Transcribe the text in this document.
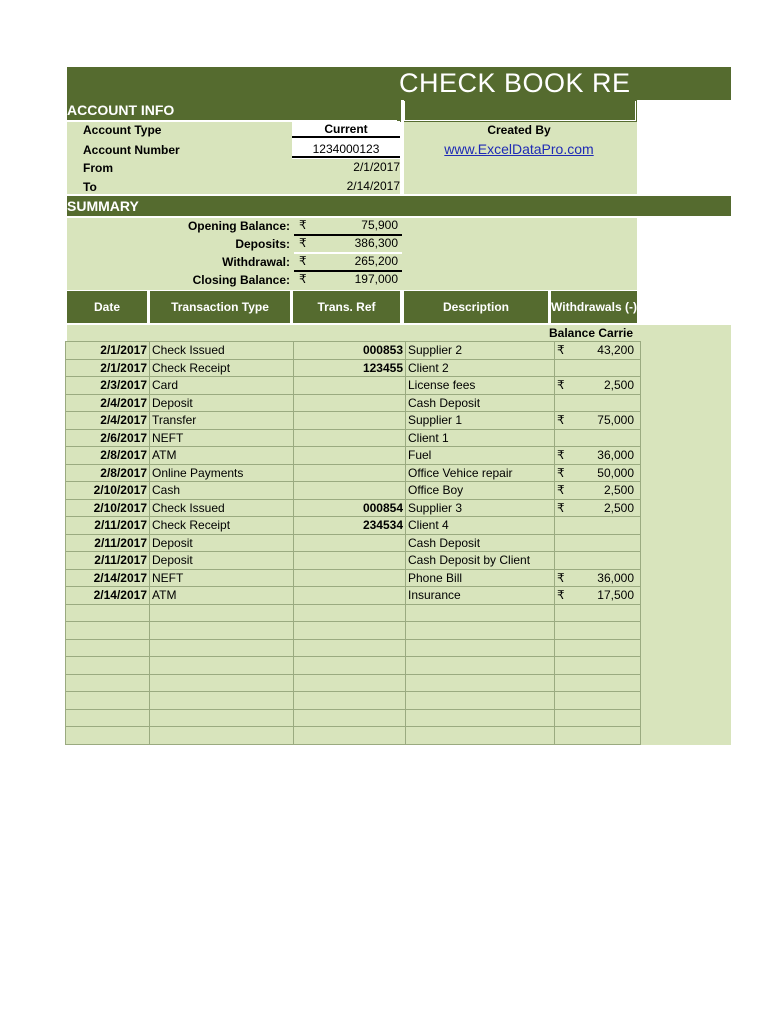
CHECK BOOK RE
ACCOUNT INFO
Account Type	Current
Account Number	1234000123
From	2/1/2017
To	2/14/2017
Created By
www.ExcelDataPro.com
SUMMARY
Opening Balance: ₹	75,900
Deposits: ₹	386,300
Withdrawal: ₹	265,200
Closing Balance: ₹	197,000
Date	Transaction Type	Trans. Ref	Description	Withdrawals (-)
Balance Carrie
2/1/2017	Check Issued	000853	Supplier 2	₹ 43,200
2/1/2017	Check Receipt	123455	Client 2	
2/3/2017	Card		License fees	₹ 2,500
2/4/2017	Deposit		Cash Deposit	
2/4/2017	Transfer		Supplier 1	₹ 75,000
2/6/2017	NEFT		Client 1	
2/8/2017	ATM		Fuel	₹ 36,000
2/8/2017	Online Payments		Office Vehice repair	₹ 50,000
2/10/2017	Cash		Office Boy	₹ 2,500
2/10/2017	Check Issued	000854	Supplier 3	₹ 2,500
2/11/2017	Check Receipt	234534	Client 4	
2/11/2017	Deposit		Cash Deposit	
2/11/2017	Deposit		Cash Deposit by Client	
2/14/2017	NEFT		Phone Bill	₹ 36,000
2/14/2017	ATM		Insurance	₹ 17,500
